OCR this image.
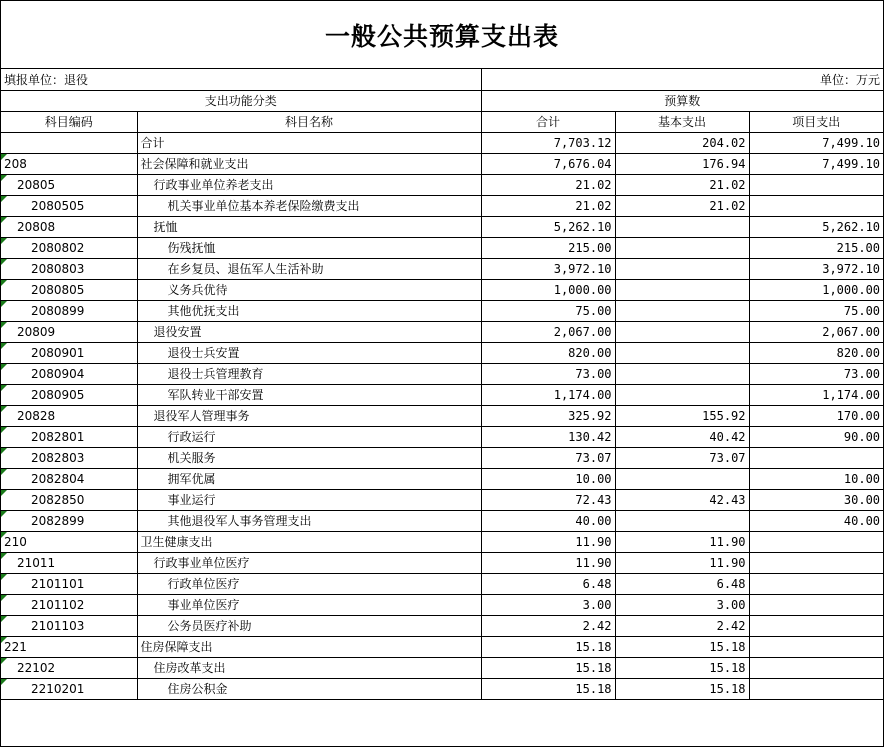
一般公共预算支出表
填报单位：退役		单位：万元		
支出功能分类		预算数		
科目编码	科目名称	合计	基本支出	项目支出
	合计	7,703.12	204.02	7,499.10
208	社会保障和就业支出	7,676.04	176.94	7,499.10
20805	行政事业单位养老支出	21.02	21.02	
2080505	机关事业单位基本养老保险缴费支出	21.02	21.02	
20808	抚恤	5,262.10		5,262.10
2080802	伤残抚恤	215.00		215.00
2080803	在乡复员、退伍军人生活补助	3,972.10		3,972.10
2080805	义务兵优待	1,000.00		1,000.00
2080899	其他优抚支出	75.00		75.00
20809	退役安置	2,067.00		2,067.00
2080901	退役士兵安置	820.00		820.00
2080904	退役士兵管理教育	73.00		73.00
2080905	军队转业干部安置	1,174.00		1,174.00
20828	退役军人管理事务	325.92	155.92	170.00
2082801	行政运行	130.42	40.42	90.00
2082803	机关服务	73.07	73.07	
2082804	拥军优属	10.00		10.00
2082850	事业运行	72.43	42.43	30.00
2082899	其他退役军人事务管理支出	40.00		40.00
210	卫生健康支出	11.90	11.90	
21011	行政事业单位医疗	11.90	11.90	
2101101	行政单位医疗	6.48	6.48	
2101102	事业单位医疗	3.00	3.00	
2101103	公务员医疗补助	2.42	2.42	
221	住房保障支出	15.18	15.18	
22102	住房改革支出	15.18	15.18	
2210201	住房公积金	15.18	15.18	
